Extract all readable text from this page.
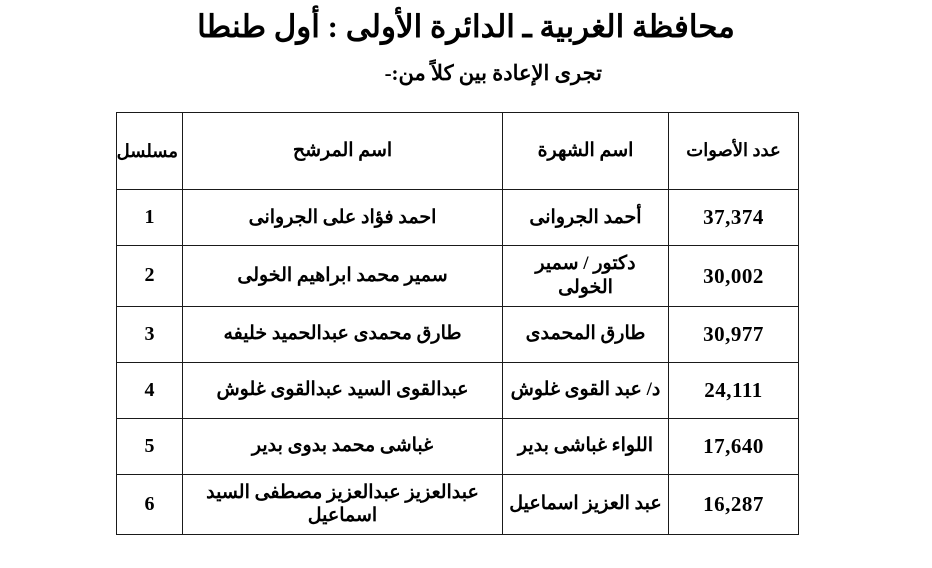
محافظة الغربية ـ الدائرة الأولى : أول طنطا
تجرى الإعادة بين كلاً من:-
عدد الأصوات	اسم الشهرة	اسم المرشح	مسلسل
37,374	أحمد الجروانى	احمد فؤاد على الجروانى	1
30,002	دكتور / سمير الخولى	سمير محمد ابراهيم الخولى	2
30,977	طارق المحمدى	طارق محمدى عبدالحميد خليفه	3
24,111	د/ عبد القوى غلوش	عبدالقوى السيد عبدالقوى غلوش	4
17,640	اللواء غباشى بدير	غباشى محمد بدوى بدير	5
16,287	عبد العزيز اسماعيل	عبدالعزيز عبدالعزيز مصطفى السيد اسماعيل	6
